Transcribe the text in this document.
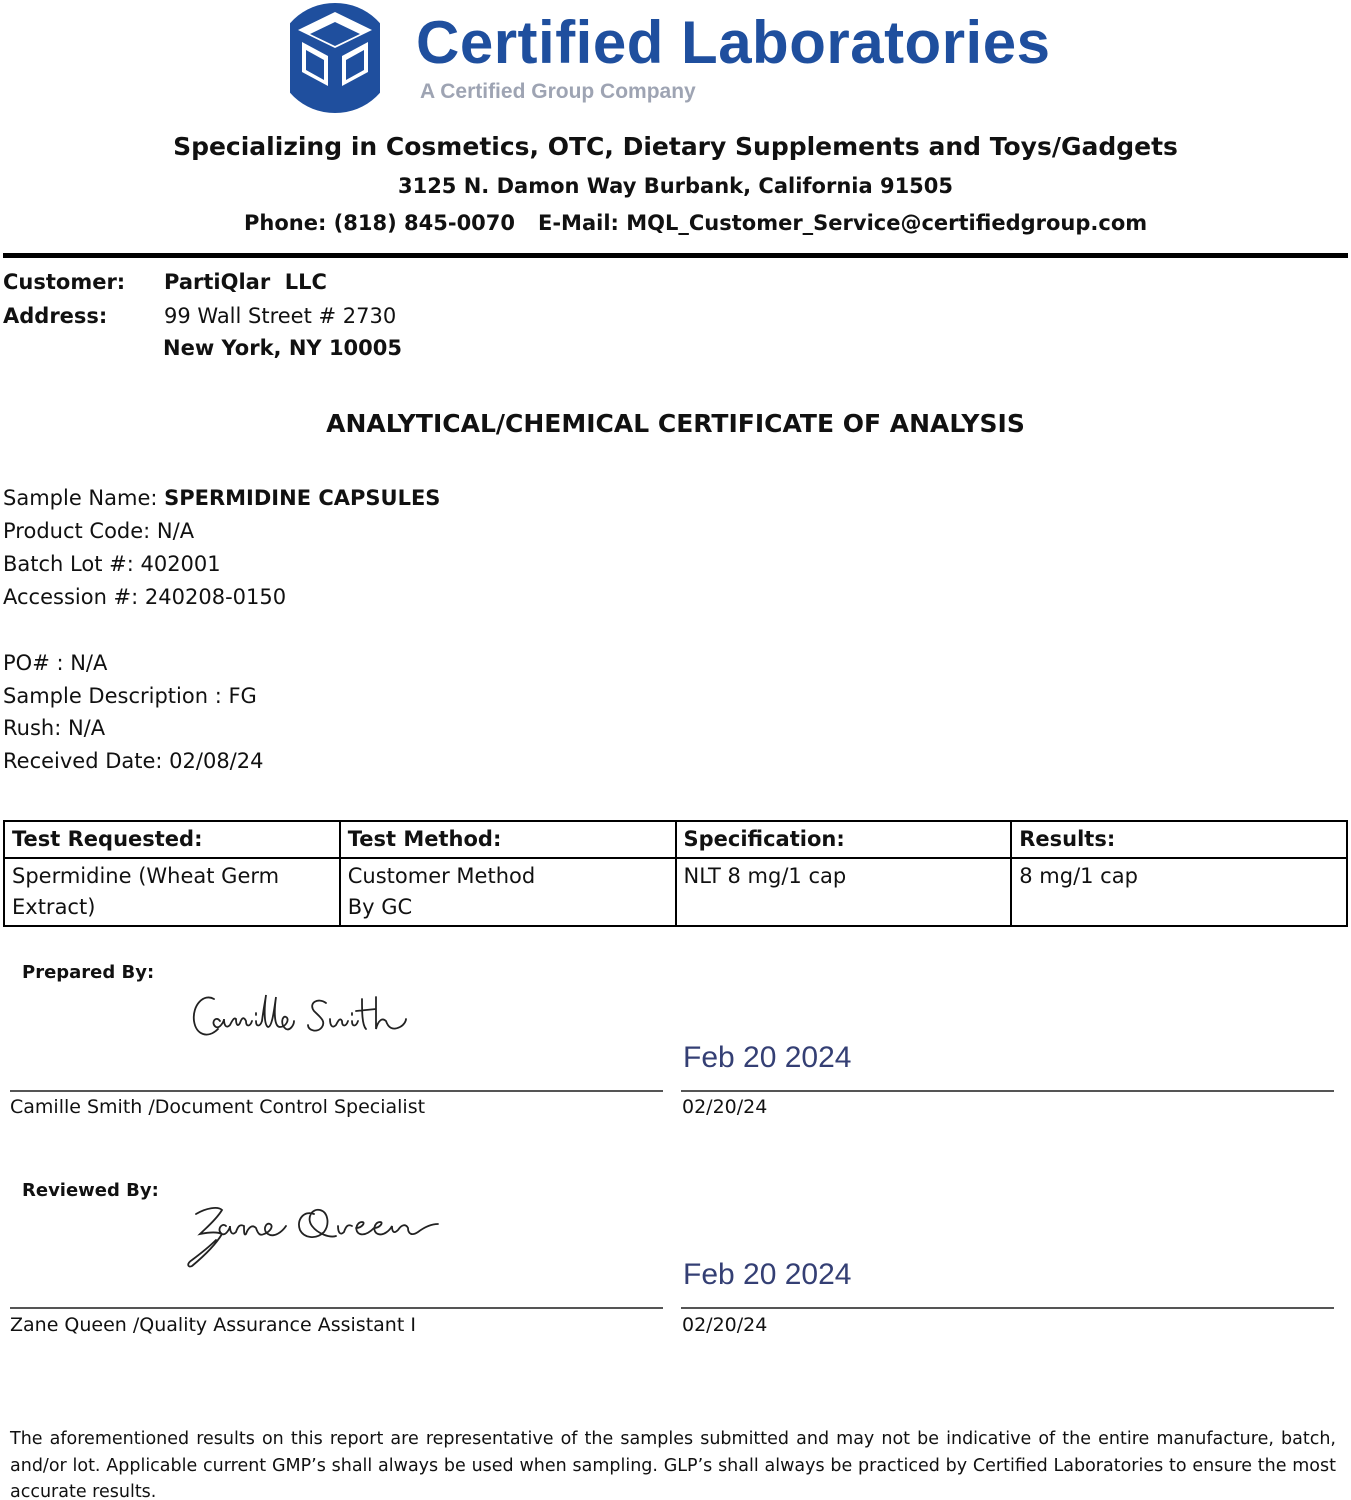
Certified Laboratories
A Certified Group Company
Specializing in Cosmetics, OTC, Dietary Supplements and Toys/Gadgets
3125 N. Damon Way Burbank, California 91505
Phone: (818) 845-0070 E-Mail: MQL_Customer_Service@certifiedgroup.com
Customer: PartiQlar  LLC
Address:	99 Wall Street # 2730
New York, NY 10005
ANALYTICAL/CHEMICAL CERTIFICATE OF ANALYSIS
Sample Name: SPERMIDINE CAPSULES
Product Code: N/A
Batch Lot #: 402001
Accession #: 240208-0150
PO# : N/A
Sample Description : FG
Rush: N/A
Received Date: 02/08/24
Test Requested:	Test Method:	Specification:	Results:
Spermidine (Wheat Germ Extract)	Customer Method By GC	NLT 8 mg/1 cap	8 mg/1 cap
Prepared By:
Feb 20 2024
Camille Smith /Document Control Specialist	02/20/24
Reviewed By:
Feb 20 2024
Zane Queen /Quality Assurance Assistant I	02/20/24
The aforementioned results on this report are representative of the samples submitted and may not be indicative of the entire manufacture, batch, and/or lot. Applicable current GMP’s shall always be used when sampling. GLP’s shall always be practiced by Certified Laboratories to ensure the most accurate results.
